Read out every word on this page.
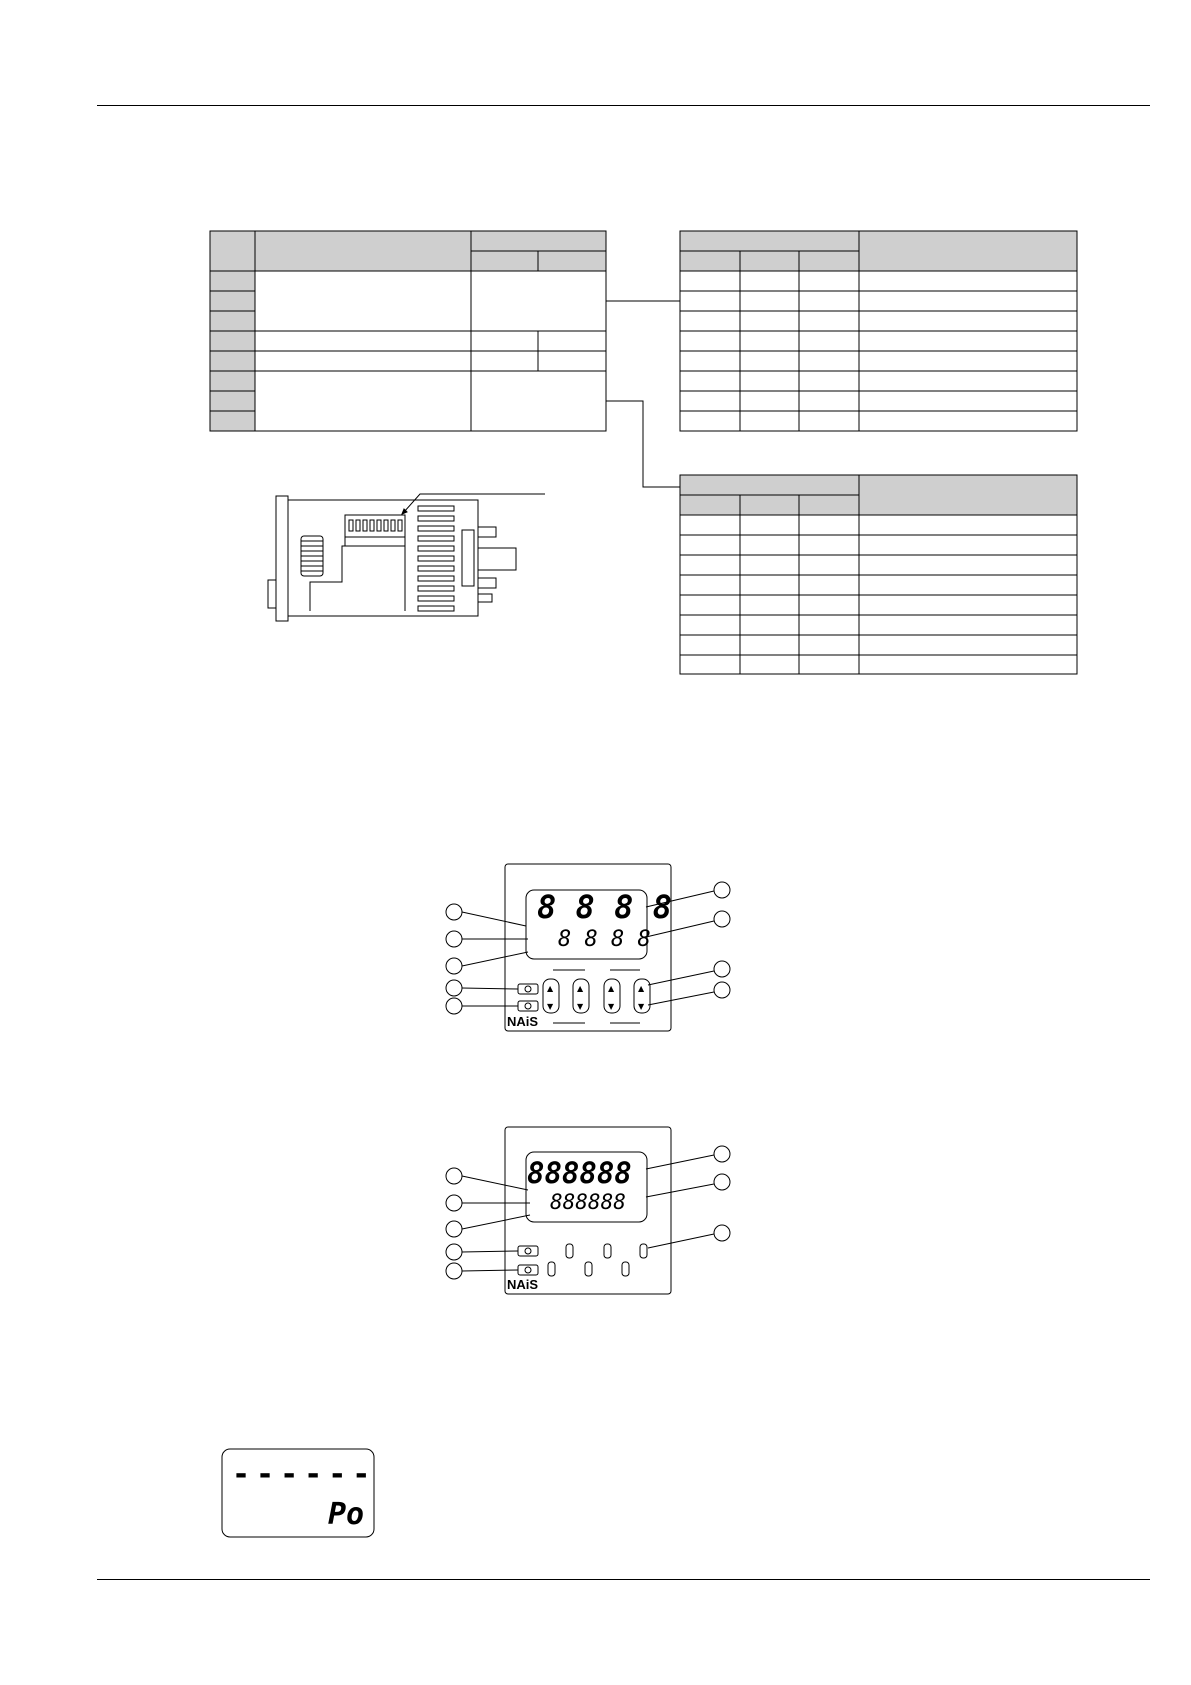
8 8 8 8
8 8 8 8
▲
▼
▲
▼
▲
▼
▲
▼
NAiS
888888
888888
NAiS
------
Po
